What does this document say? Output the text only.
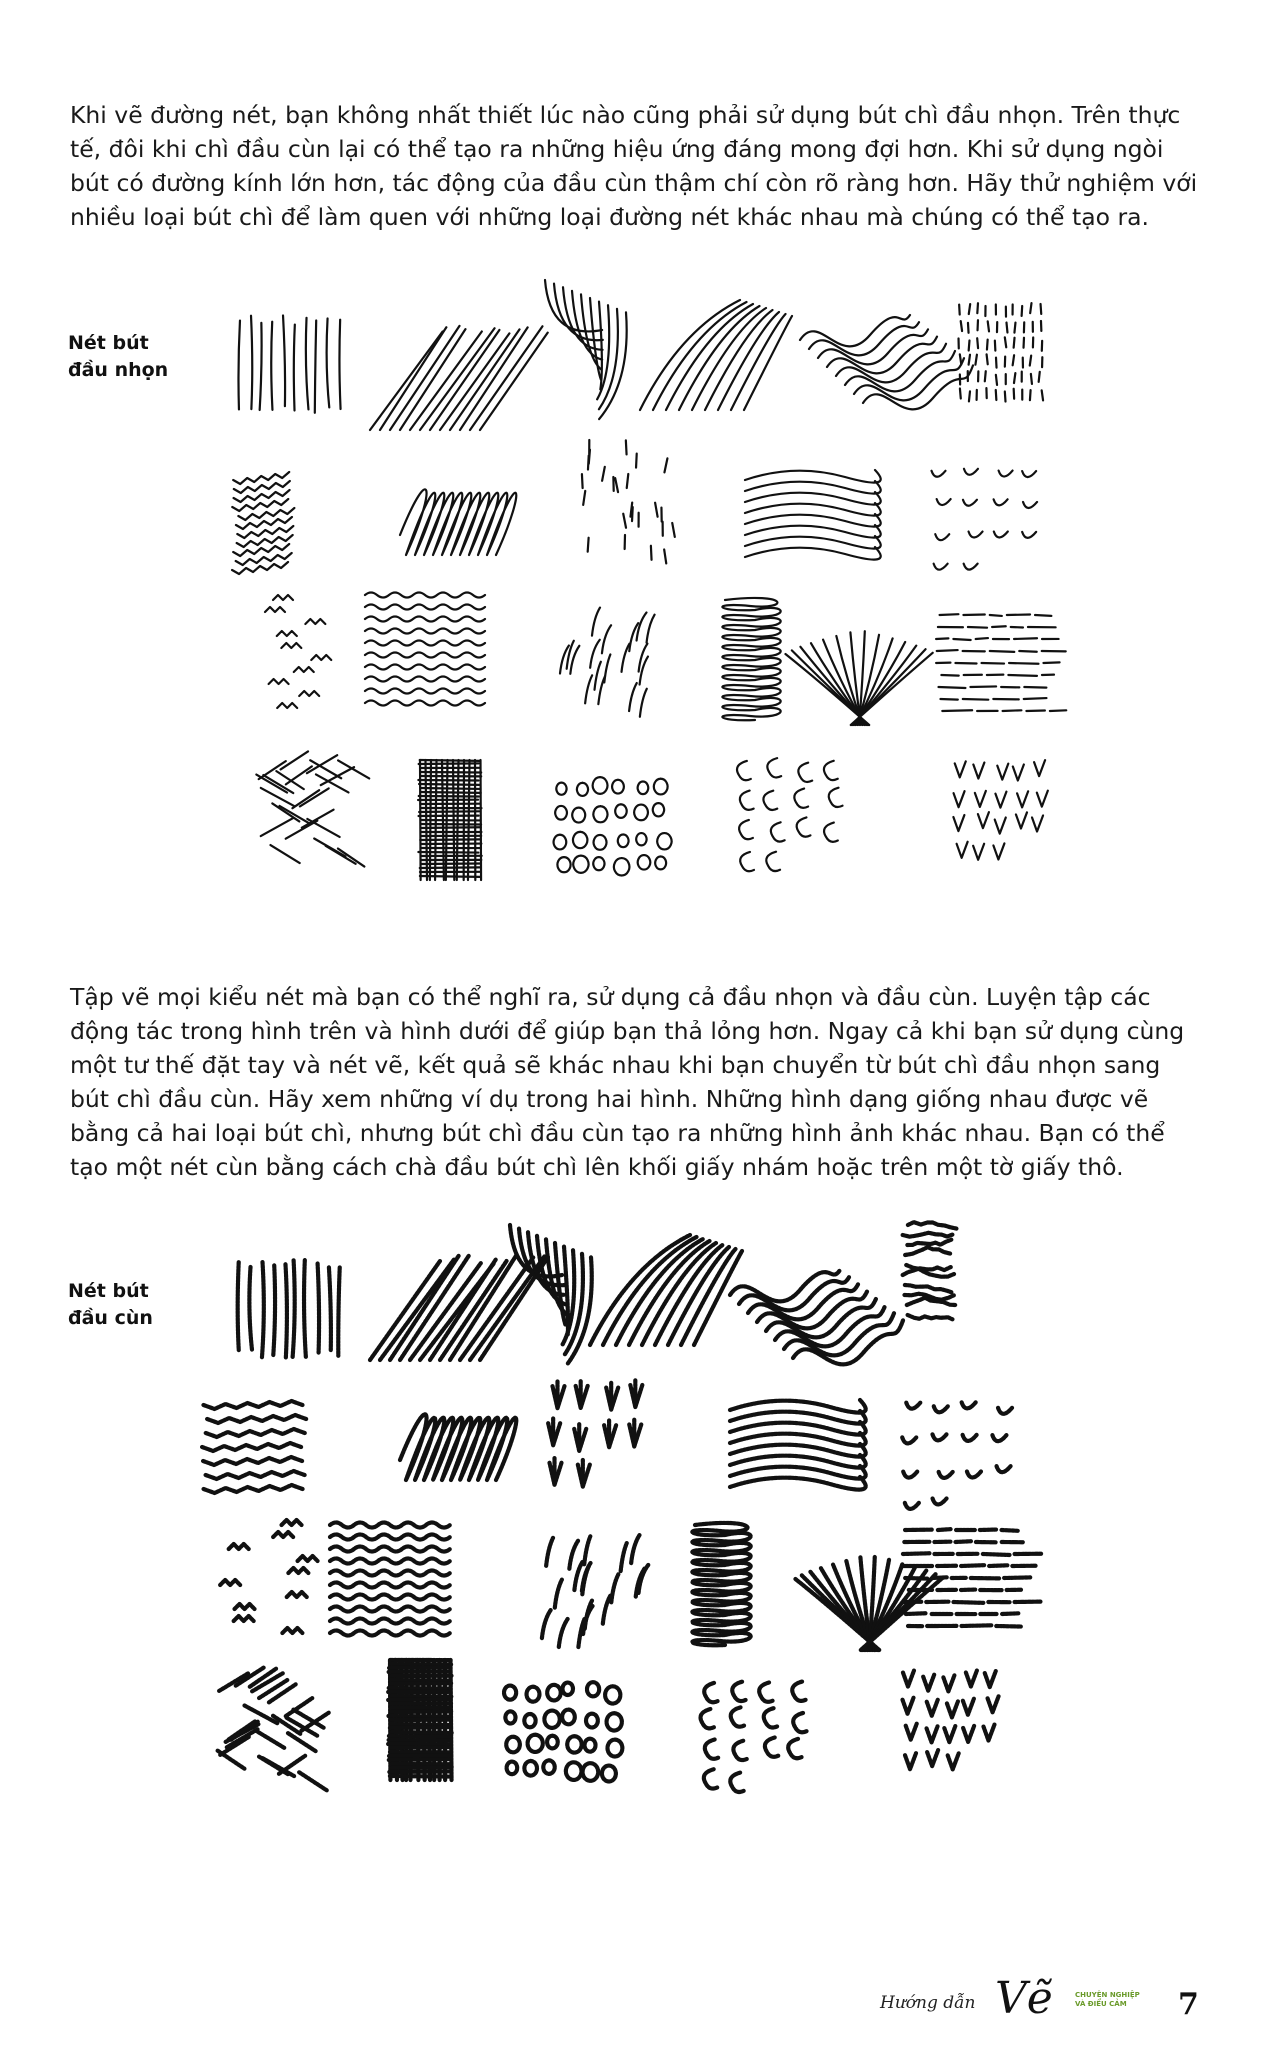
Khi vẽ đường nét, bạn không nhất thiết lúc nào cũng phải sử dụng bút chì đầu nhọn. Trên thực tế, đôi khi chì đầu cùn lại có thể tạo ra những hiệu ứng đáng mong đợi hơn. Khi sử dụng ngòi bút có đường kính lớn hơn, tác động của đầu cùn thậm chí còn rõ ràng hơn. Hãy thử nghiệm với nhiều loại bút chì để làm quen với những loại đường nét khác nhau mà chúng có thể tạo ra.

Nét bút
đầu nhọn

Tập vẽ mọi kiểu nét mà bạn có thể nghĩ ra, sử dụng cả đầu nhọn và đầu cùn. Luyện tập các động tác trong hình trên và hình dưới để giúp bạn thả lỏng hơn. Ngay cả khi bạn sử dụng cùng một tư thế đặt tay và nét vẽ, kết quả sẽ khác nhau khi bạn chuyển từ bút chì đầu nhọn sang bút chì đầu cùn. Hãy xem những ví dụ trong hai hình. Những hình dạng giống nhau được vẽ bằng cả hai loại bút chì, nhưng bút chì đầu cùn tạo ra những hình ảnh khác nhau. Bạn có thể tạo một nét cùn bằng cách chà đầu bút chì lên khối giấy nhám hoặc trên một tờ giấy thô.

Nét bút
đầu cùn
Hướng dẫn Vẽ	CHUYÊN NGHIỆP
VÀ ĐIỂU CẢM	7
